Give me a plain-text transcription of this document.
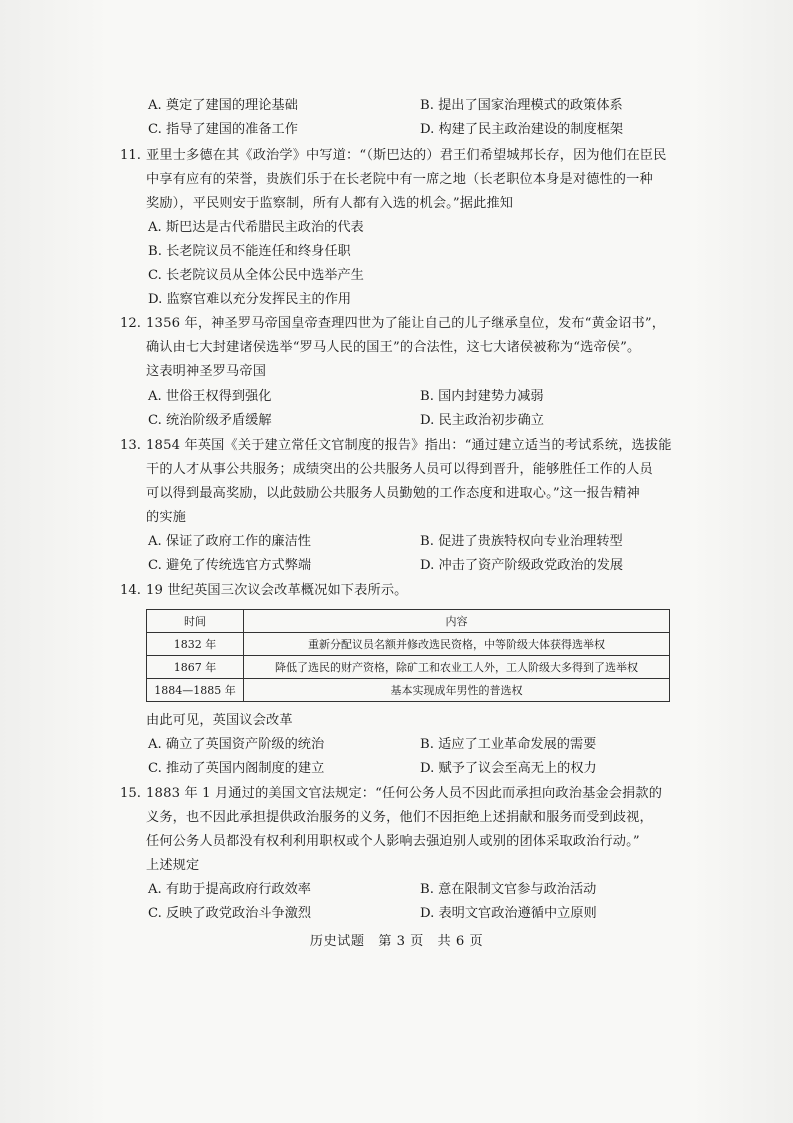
A. 奠定了建国的理论基础	B. 提出了国家治理模式的政策体系
C. 指导了建国的准备工作	D. 构建了民主政治建设的制度框架
11. 亚里士多德在其《政治学》中写道：“（斯巴达的）君王们希望城邦长存，因为他们在臣民
中享有应有的荣誉，贵族们乐于在长老院中有一席之地（长老职位本身是对德性的一种
奖励），平民则安于监察制，所有人都有入选的机会。”据此推知
A. 斯巴达是古代希腊民主政治的代表
B. 长老院议员不能连任和终身任职
C. 长老院议员从全体公民中选举产生
D. 监察官难以充分发挥民主的作用
12. 1356 年，神圣罗马帝国皇帝查理四世为了能让自己的儿子继承皇位，发布“黄金诏书”，
确认由七大封建诸侯选举“罗马人民的国王”的合法性，这七大诸侯被称为“选帝侯”。
这表明神圣罗马帝国
A. 世俗王权得到强化	B. 国内封建势力减弱
C. 统治阶级矛盾缓解	D. 民主政治初步确立
13. 1854 年英国《关于建立常任文官制度的报告》指出：“通过建立适当的考试系统，选拔能
干的人才从事公共服务；成绩突出的公共服务人员可以得到晋升，能够胜任工作的人员
可以得到最高奖励，以此鼓励公共服务人员勤勉的工作态度和进取心。”这一报告精神
的实施
A. 保证了政府工作的廉洁性	B. 促进了贵族特权向专业治理转型
C. 避免了传统选官方式弊端	D. 冲击了资产阶级政党政治的发展
14. 19 世纪英国三次议会改革概况如下表所示。
时间	内容
1832 年	重新分配议员名额并修改选民资格，中等阶级大体获得选举权
1867 年	降低了选民的财产资格，除矿工和农业工人外，工人阶级大多得到了选举权
1884—1885 年	基本实现成年男性的普选权
由此可见，英国议会改革
A. 确立了英国资产阶级的统治	B. 适应了工业革命发展的需要
C. 推动了英国内阁制度的建立	D. 赋予了议会至高无上的权力
15. 1883 年 1 月通过的美国文官法规定：“任何公务人员不因此而承担向政治基金会捐款的
义务，也不因此承担提供政治服务的义务，他们不因拒绝上述捐献和服务而受到歧视，
任何公务人员都没有权利利用职权或个人影响去强迫别人或别的团体采取政治行动。”
上述规定
A. 有助于提高政府行政效率	B. 意在限制文官参与政治活动
C. 反映了政党政治斗争激烈	D. 表明文官政治遵循中立原则
历史试题　第 3 页　共 6 页
